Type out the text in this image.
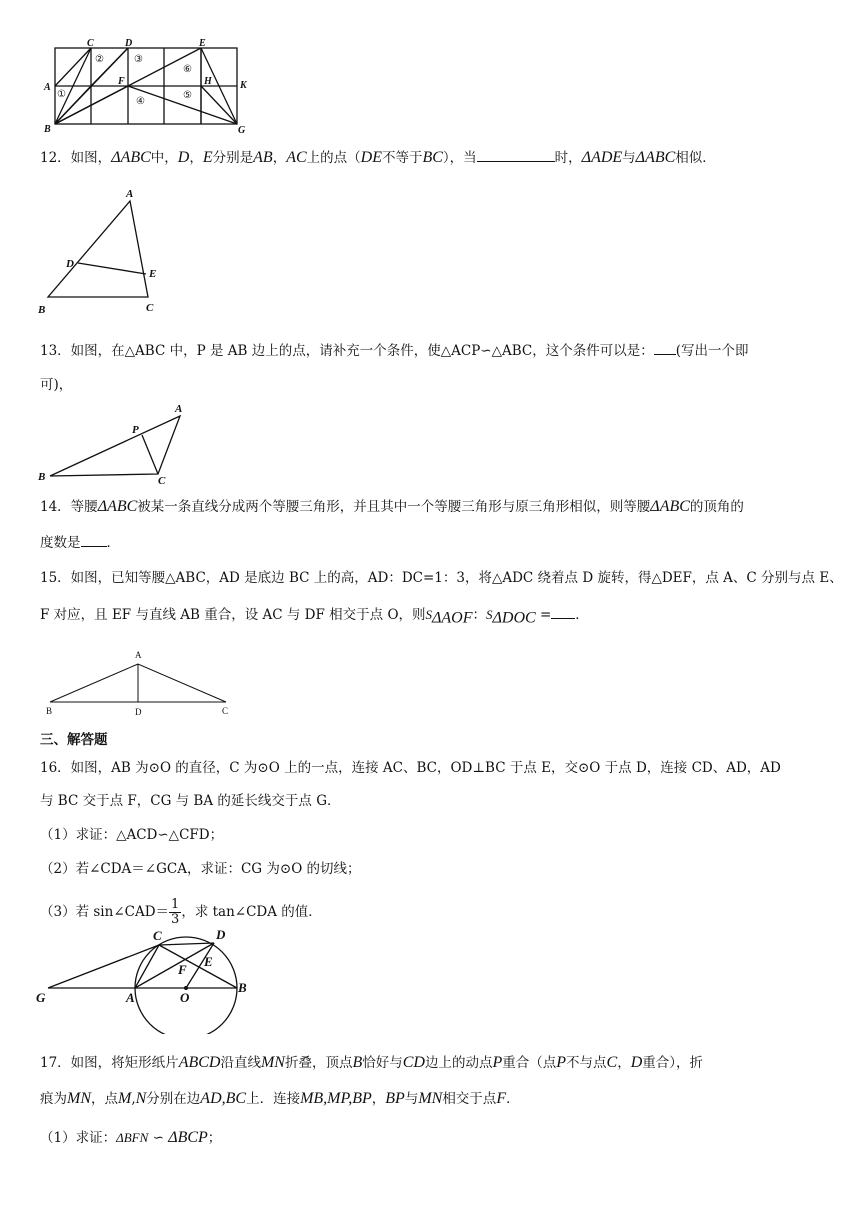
A
B
C	D	E
F
G
H	K
①
②	③
④
⑤
⑥
12．如图，ΔABC中，D，E分别是AB，AC上的点（DE不等于BC），当	时，ΔADE与ΔABC相似．
A
B	C
D
E
13．如图，在△ABC 中，P 是 AB 边上的点，请补充一个条件，使△ACP∽△ABC，这个条件可以是： (写出一个即
可)，
A
B	C
P
14．等腰ΔABC被某一条直线分成两个等腰三角形，并且其中一个等腰三角形与原三角形相似，则等腰ΔABC的顶角的
度数是 ．
15．如图，已知等腰△ABC，AD 是底边 BC 上的高，AD：DC=1：3，将△ADC 绕着点 D 旋转，得△DEF，点 A、C 分别与点 E、
F 对应，且 EF 与直线 AB 重合，设 AC 与 DF 相交于点 O，则$S_{\Delta AOF}$：$S_{\Delta DOC}$ = ．
A
B	C
D
三、解答题
16．如图，AB 为⊙O 的直径，C 为⊙O 上的一点，连接 AC、BC，OD⊥BC 于点 E，交⊙O 于点 D，连接 CD、AD，AD
与 BC 交于点 F，CG 与 BA 的延长线交于点 G．
（1）求证：△ACD∽△CFD；
（2）若∠CDA＝∠GCA，求证：CG 为⊙O 的切线；
（3）若 sin∠CAD＝ $\frac{1}{3}$ ，求 tan∠CDA 的值．
G	A
B
C	D
E
F
O
17．如图，将矩形纸片ABCD沿直线MN折叠，顶点B恰好与CD边上的动点P重合（点P不与点C，D重合），折
痕为MN，点M,N分别在边AD,BC上．连接MB,MP,BP，BP与MN相交于点F．
（1）求证：ΔBFN ∽ ΔBCP；
